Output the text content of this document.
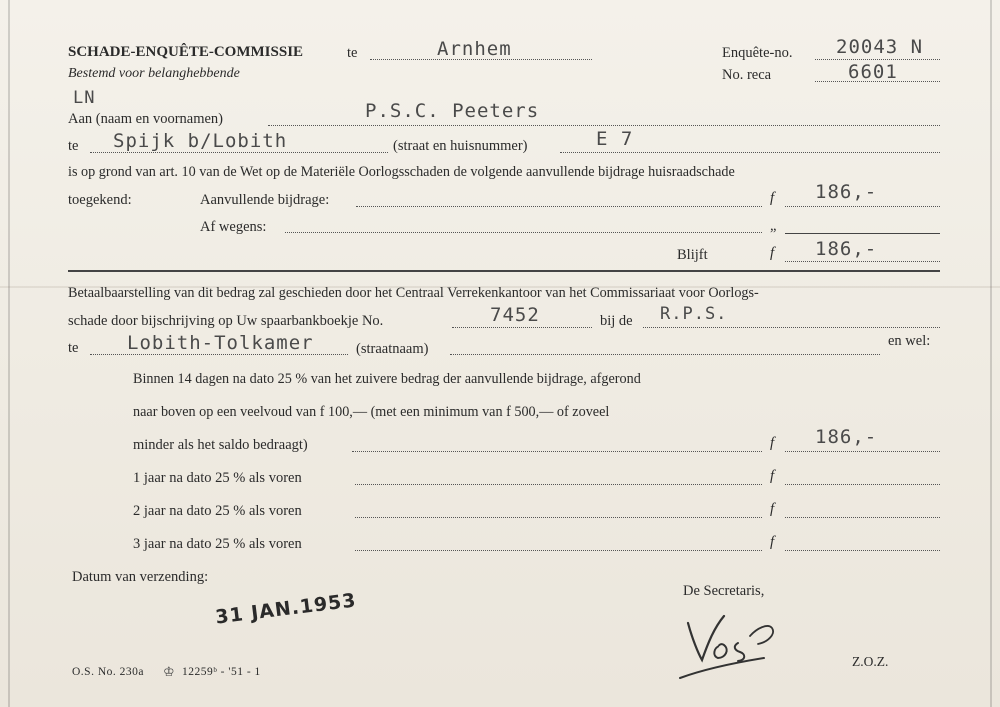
SCHADE-ENQUÊTE-COMMISSIE	te	Arnhem
Bestemd voor belanghebbende
Enquête-no. 20043 N
No. reca	6601
LN
Aan (naam en voornamen)	P.S.C. Peeters
te Spijk b/Lobith	(straat en huisnummer)	E 7
is op grond van art. 10 van de Wet op de Materiële Oorlogsschaden de volgende aanvullende bijdrage huisraadschade
toegekend:	Aanvullende bijdrage:	f 186,-
Af wegens:	„
Blijft	f 186,-
Betaalbaarstelling van dit bedrag zal geschieden door het Centraal Verrekenkantoor van het Commissariaat voor Oorlogs-
schade door bijschrijving op Uw spaarbankboekje No.	7452	bij de R.P.S.
te	Lobith-Tolkamer	(straatnaam)	en wel:
Binnen 14 dagen na dato 25 % van het zuivere bedrag der aanvullende bijdrage, afgerond
naar boven op een veelvoud van f 100,— (met een minimum van f 500,— of zoveel
minder als het saldo bedraagt)	f 186,-
1 jaar na dato 25 % als voren	f
2 jaar na dato 25 % als voren	f
3 jaar na dato 25 % als voren	f
Datum van verzending:
31 JAN.1953	De Secretaris,
O.S. No. 230a ♔ 12259ᵇ - '51 - 1
Z.O.Z.
